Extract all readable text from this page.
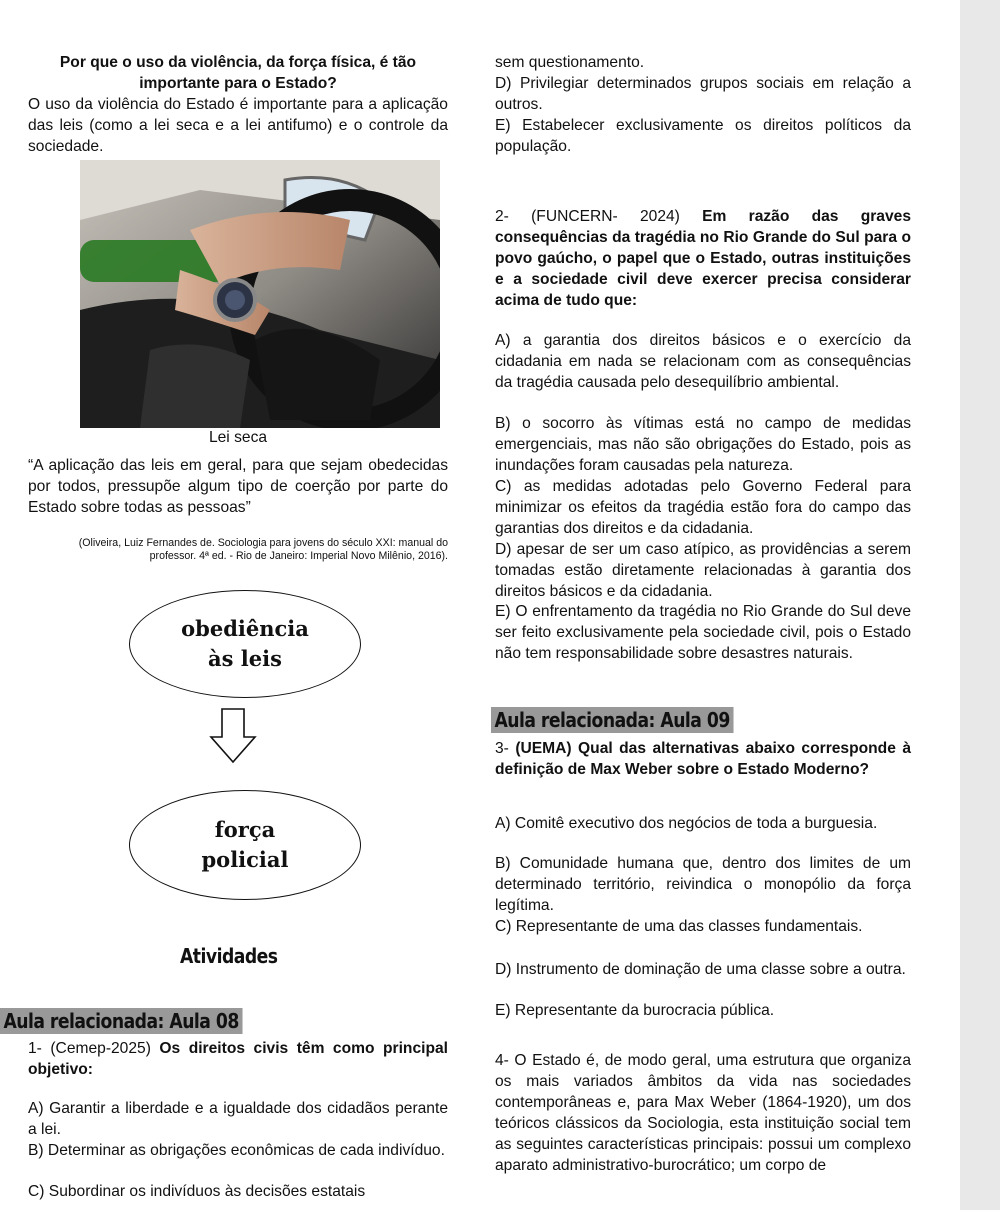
Por que o uso da violência, da força física, é tão importante para o Estado?

O uso da violência do Estado é importante para a aplicação das leis (como a lei seca e a lei antifumo) e o controle da sociedade.

Lei seca

“A aplicação das leis em geral, para que sejam obedecidas por todos, pressupõe algum tipo de coerção por parte do Estado sobre todas as pessoas”

(Oliveira, Luiz Fernandes de. Sociologia para jovens do século XXI: manual do

professor. 4ª ed. - Rio de Janeiro: Imperial Novo Milênio, 2016).

obediência
às leis
força
policial
Atividades
Aula relacionada: Aula 08

1- (Cemep-2025) Os direitos civis têm como principal objetivo:

A) Garantir a liberdade e a igualdade dos cidadãos perante a lei.

B) Determinar as obrigações econômicas de cada indivíduo.

C) Subordinar os indivíduos às decisões estatais

sem questionamento.

D) Privilegiar determinados grupos sociais em relação a outros.

E) Estabelecer exclusivamente os direitos políticos da população.

2- (FUNCERN- 2024) Em razão das graves consequências da tragédia no Rio Grande do Sul para o povo gaúcho, o papel que o Estado, outras instituições e a sociedade civil deve exercer precisa considerar acima de tudo que:

A) a garantia dos direitos básicos e o exercício da cidadania em nada se relacionam com as consequências da tragédia causada pelo desequilíbrio ambiental.

B) o socorro às vítimas está no campo de medidas emergenciais, mas não são obrigações do Estado, pois as inundações foram causadas pela natureza.

C) as medidas adotadas pelo Governo Federal para minimizar os efeitos da tragédia estão fora do campo das garantias dos direitos e da cidadania.

D) apesar de ser um caso atípico, as providências a serem tomadas estão diretamente relacionadas à garantia dos direitos básicos e da cidadania.

E) O enfrentamento da tragédia no Rio Grande do Sul deve ser feito exclusivamente pela sociedade civil, pois o Estado não tem responsabilidade sobre desastres naturais.

Aula relacionada: Aula 09

3- (UEMA) Qual das alternativas abaixo corresponde à definição de Max Weber sobre o Estado Moderno?

A) Comitê executivo dos negócios de toda a burguesia.

B) Comunidade humana que, dentro dos limites de um determinado território, reivindica o monopólio da força legítima.

C) Representante de uma das classes fundamentais.

D) Instrumento de dominação de uma classe sobre a outra.

E) Representante da burocracia pública.

4- O Estado é, de modo geral, uma estrutura que organiza os mais variados âmbitos da vida nas sociedades contemporâneas e, para Max Weber (1864-1920), um dos teóricos clássicos da Sociologia, esta instituição social tem as seguintes características principais: possui um complexo aparato administrativo-burocrático; um corpo de
